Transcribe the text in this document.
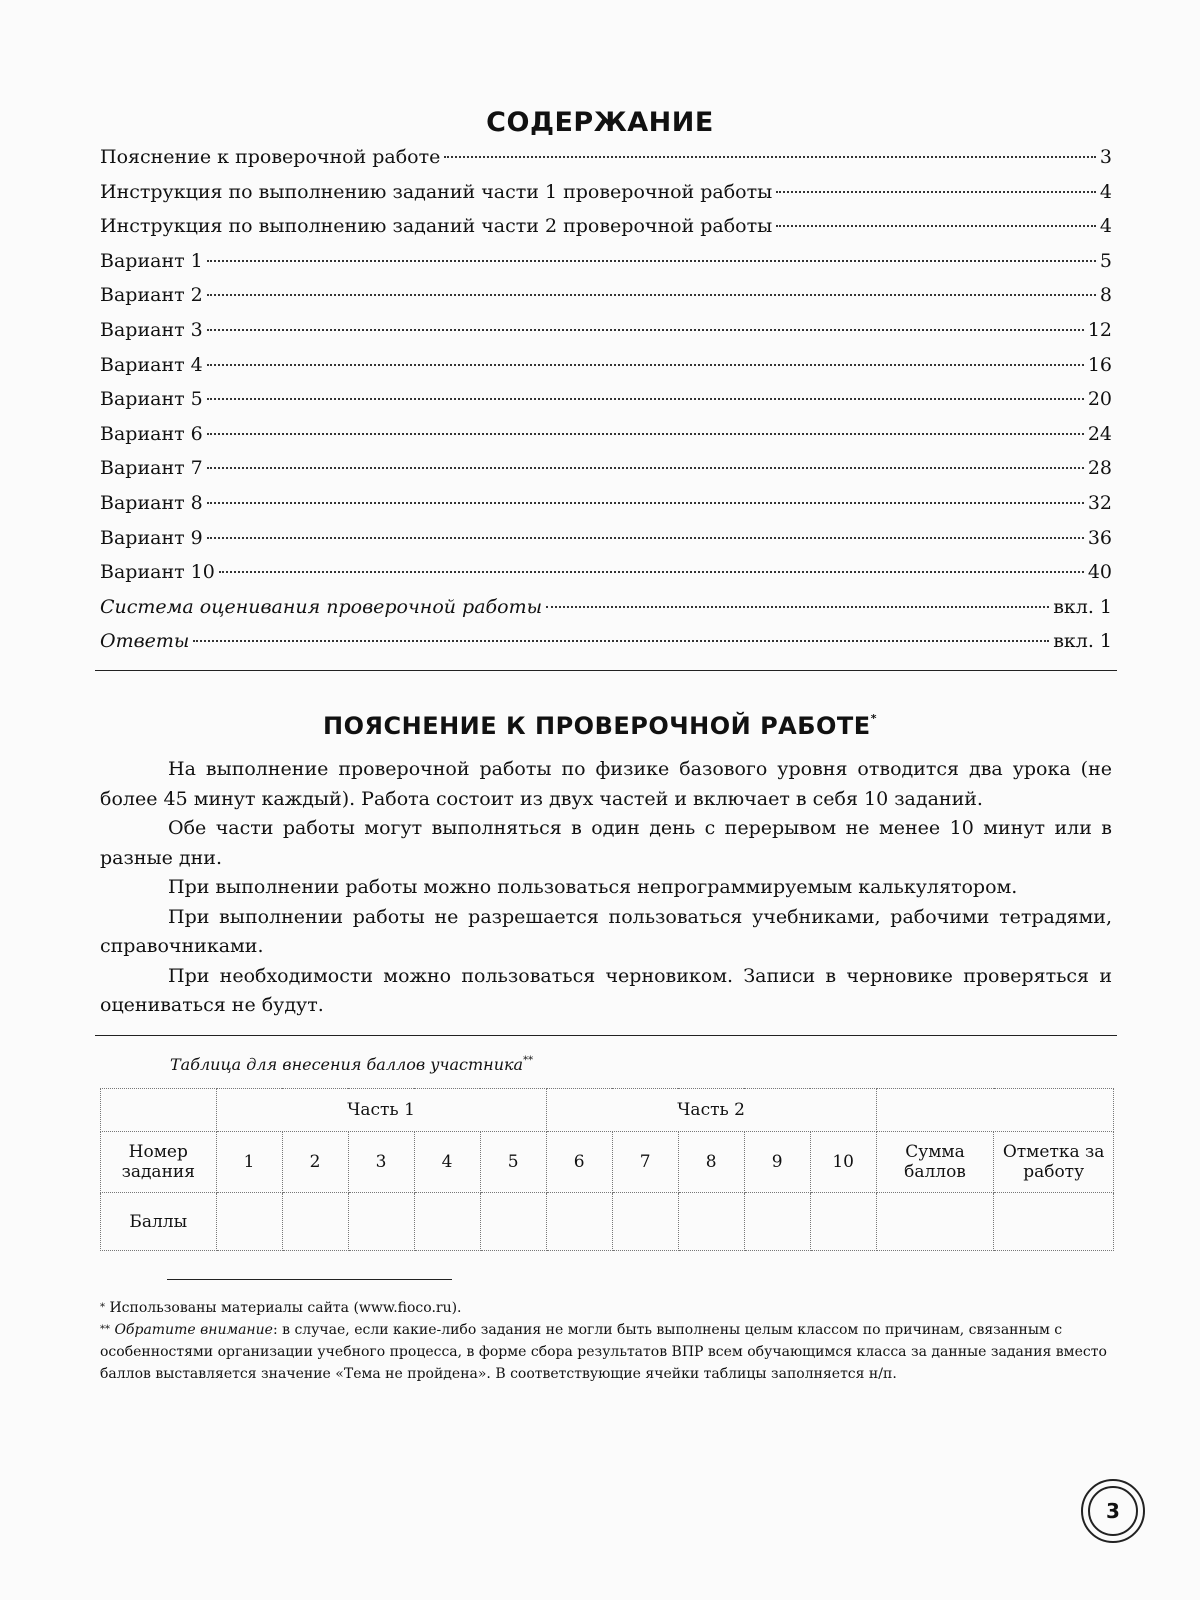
СОДЕРЖАНИЕ
Пояснение к проверочной работе	3
Инструкция по выполнению заданий части 1 проверочной работы	4
Инструкция по выполнению заданий части 2 проверочной работы	4
Вариант 1	5
Вариант 2	8
Вариант 3	12
Вариант 4	16
Вариант 5	20
Вариант 6	24
Вариант 7	28
Вариант 8	32
Вариант 9	36
Вариант 10	40
Система оценивания проверочной работы	вкл. 1
Ответы	вкл. 1
ПОЯСНЕНИЕ К ПРОВЕРОЧНОЙ РАБОТЕ*

На выполнение проверочной работы по физике базового уровня отводится два урока (не более 45 минут каждый). Работа состоит из двух частей и включает в себя 10 заданий.

Обе части работы могут выполняться в один день с перерывом не менее 10 минут или в разные дни.

При выполнении работы можно пользоваться непрограммируемым калькулятором.

При выполнении работы не разрешается пользоваться учебниками, рабочими тетрадями, справочниками.

При необходимости можно пользоваться черновиком. Записи в черновике проверяться и оцениваться не будут.

Таблица для внесения баллов участника**
	Часть 1					Часть 2						
Номер задания	1	2	3	4	5	6	7	8	9	10	Сумма баллов	Отметка за работу
Баллы												

* Использованы материалы сайта (www.fioco.ru).

** Обратите внимание: в случае, если какие-либо задания не могли быть выполнены целым классом по причинам, связанным с особенностями организации учебного процесса, в форме сбора результатов ВПР всем обучающимся класса за данные задания вместо баллов выставляется значение «Тема не пройдена». В соответствующие ячейки таблицы заполняется н/п.

3
